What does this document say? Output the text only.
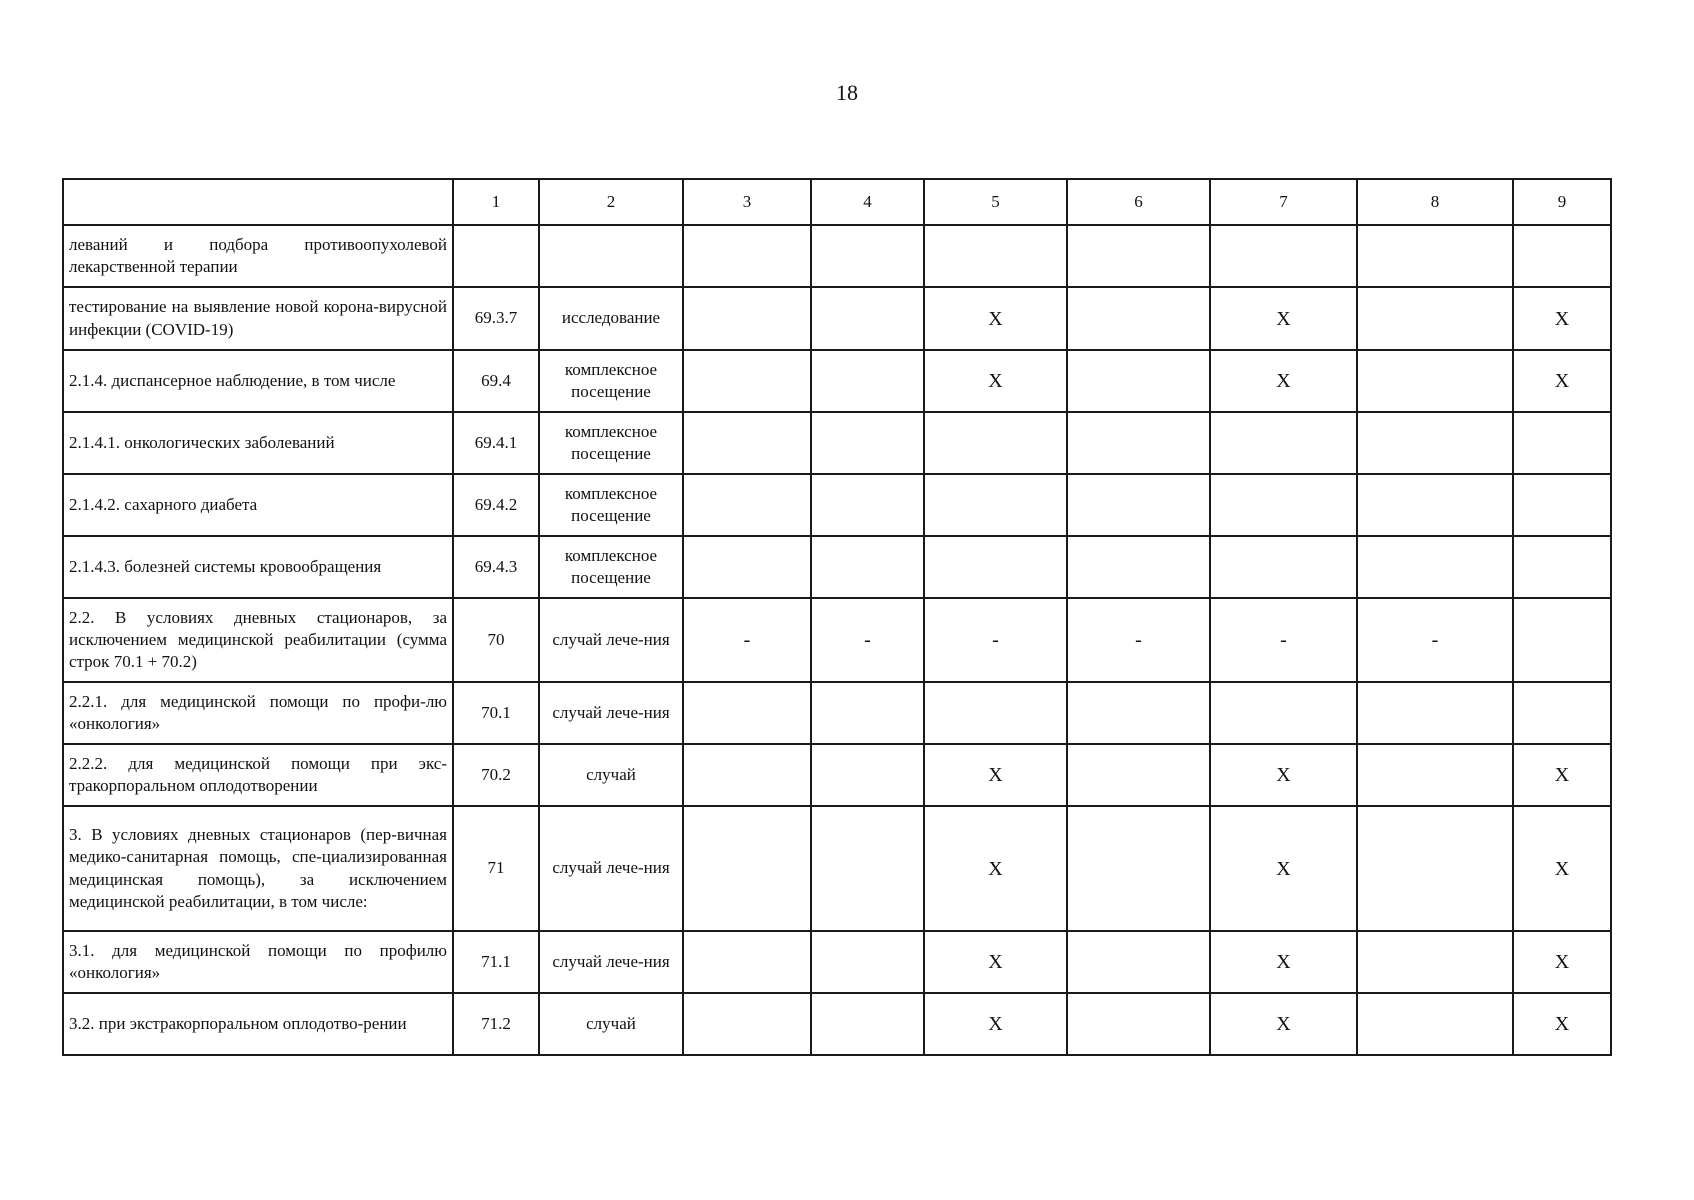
18
	1	2	3	4	5	6	7	8	9
леваний и подбора противоопухолевой лекарственной терапии									
тестирование на выявление новой корона-вирусной инфекции (COVID-19)	69.3.7	исследование			X		X		X
2.1.4. диспансерное наблюдение, в том числе	69.4	комплексное посещение			X		X		X
2.1.4.1. онкологических заболеваний	69.4.1	комплексное посещение							
2.1.4.2. сахарного диабета	69.4.2	комплексное посещение							
2.1.4.3. болезней системы кровообращения	69.4.3	комплексное посещение							
2.2. В условиях дневных стационаров, за исключением медицинской реабилитации (сумма строк 70.1 + 70.2)	70	случай лече-ния	-	-	-	-	-	-	
2.2.1. для медицинской помощи по профи-лю «онкология»	70.1	случай лече-ния							
2.2.2. для медицинской помощи при экс-тракорпоральном оплодотворении	70.2	случай			X		X		X
3. В условиях дневных стационаров (пер-вичная медико-санитарная помощь, спе-циализированная медицинская помощь), за исключением медицинской реабилитации, в том числе:	71	случай лече-ния			X		X		X
3.1. для медицинской помощи по профилю «онкология»	71.1	случай лече-ния			X		X		X
3.2. при экстракорпоральном оплодотво-рении	71.2	случай			X		X		X
